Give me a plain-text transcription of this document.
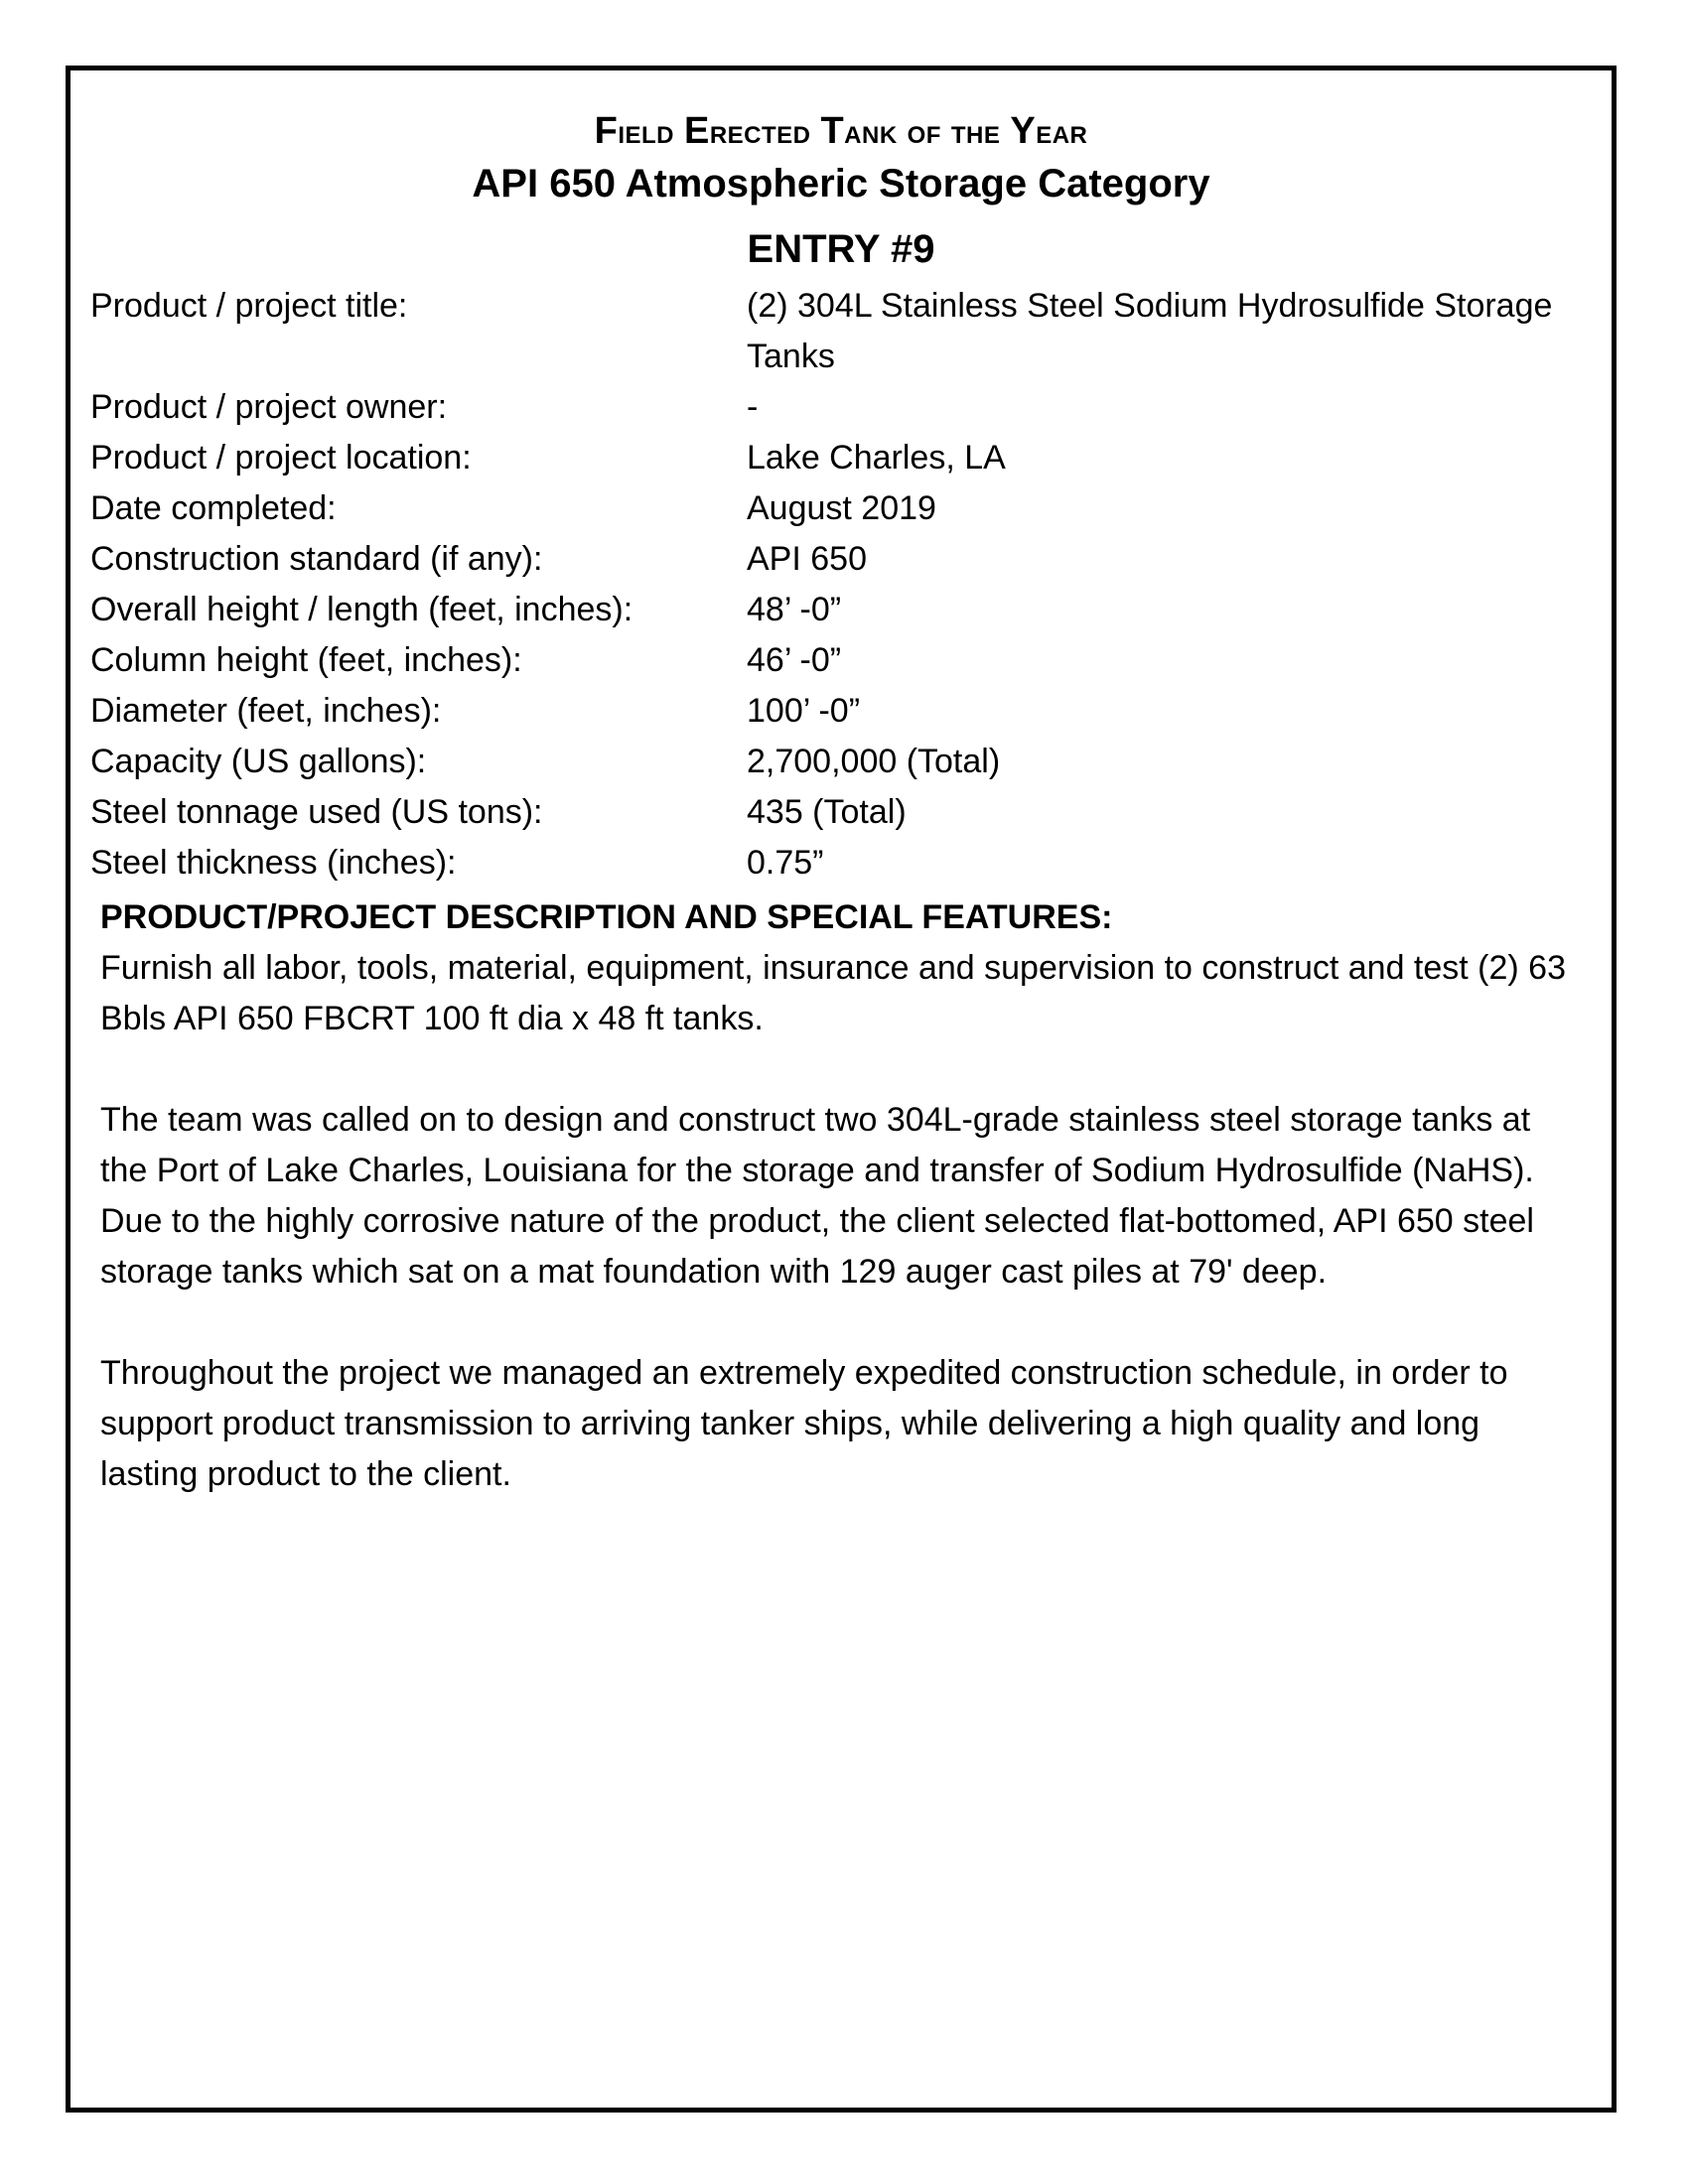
Field Erected Tank of the Year
API 650 Atmospheric Storage Category
ENTRY #9
Product / project title:	(2) 304L Stainless Steel Sodium Hydrosulfide Storage Tanks
Product / project owner:	-
Product / project location:	Lake Charles, LA
Date completed:	August 2019
Construction standard (if any):	API 650
Overall height / length (feet, inches):	48’ -0”
Column height (feet, inches):	46’ -0”
Diameter (feet, inches):	100’ -0”
Capacity (US gallons):	2,700,000 (Total)
Steel tonnage used (US tons):	435 (Total)
Steel thickness (inches):	0.75”
PRODUCT/PROJECT DESCRIPTION AND SPECIAL FEATURES:

Furnish all labor, tools, material, equipment, insurance and supervision to construct and test (2) 63 Bbls API 650 FBCRT 100 ft dia x 48 ft tanks.

The team was called on to design and construct two 304L-grade stainless steel storage tanks at the Port of Lake Charles, Louisiana for the storage and transfer of Sodium Hydrosulfide (NaHS). Due to the highly corrosive nature of the product, the client selected flat-bottomed, API 650 steel storage tanks which sat on a mat foundation with 129 auger cast piles at 79' deep.

Throughout the project we managed an extremely expedited construction schedule, in order to support product transmission to arriving tanker ships, while delivering a high quality and long lasting product to the client.
